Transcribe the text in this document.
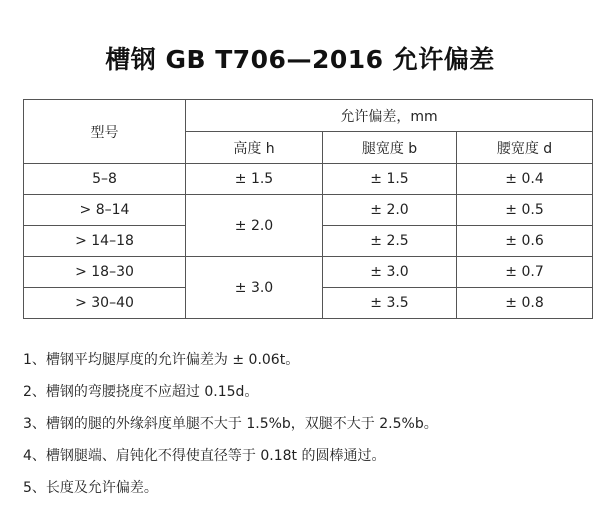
槽钢 GB T706—2016 允许偏差
型号	允许偏差，mm		
	高度 h	腿宽度 b	腰宽度 d
5–8	± 1.5	± 1.5	± 0.4
> 8–14	± 2.0	± 2.0	± 0.5
> 14–18		± 2.5	± 0.6
> 18–30	± 3.0	± 3.0	± 0.7
> 30–40		± 3.5	± 0.8
1、槽钢平均腿厚度的允许偏差为 ± 0.06t。
2、槽钢的弯腰挠度不应超过 0.15d。
3、槽钢的腿的外缘斜度单腿不大于 1.5%b，双腿不大于 2.5%b。
4、槽钢腿端、肩钝化不得使直径等于 0.18t 的圆棒通过。
5、长度及允许偏差。
